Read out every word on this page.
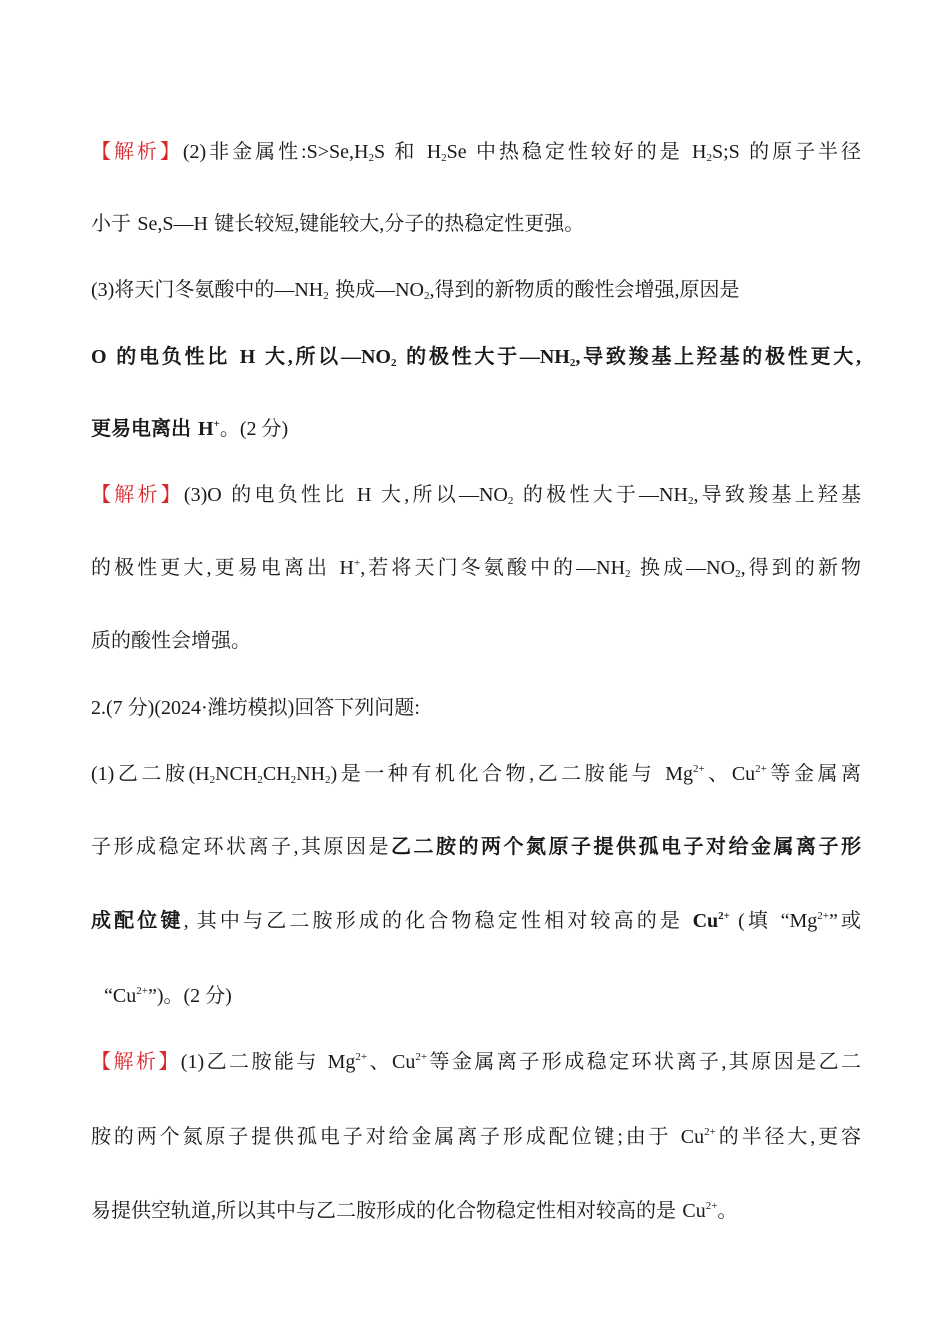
【解析】(2)非金属性$:S>Se,H_2S$ 和 $H_2Se$ 中热稳定性较好的是 $H_2S;S$ 的原子半径
小于 Se,S—H 键长较短,键能较大,分子的热稳定性更强。
(3)将天门冬氨酸中的$—NH_2$ 换成$—NO_2$,得到的新物质的酸性会增强,原因是
O 的电负性比 H 大,所以$—NO_2$ 的极性大于$—NH_2$,导致羧基上羟基的极性更大,
更易电离出 H+。(2 分)
【解析】(3)O 的电负性比 H 大,所以$—NO_2$ 的极性大于$—NH_2$,导致羧基上羟基
的极性更大,更易电离出 H+,若将天门冬氨酸中的$—NH_2$ 换成$—NO_2$,得到的新物
质的酸性会增强。
2.(7 分)(2024·潍坊模拟)回答下列问题:
(1)乙二胺$(H_2NCH_2CH_2NH_2)$是一种有机化合物,乙二胺能与 $Mg^{2+}$、$Cu^{2+}$等金属离
子形成稳定环状离子,其原因是乙二胺的两个氮原子提供孤电子对给金属离子形
成配位键, 其中与乙二胺形成的化合物稳定性相对较高的是 $Cu^{2+}$ (填 “$Mg^{2+}$”或
“$Cu^{2+}$”)。(2 分)
【解析】(1)乙二胺能与 $Mg^{2+}$、$Cu^{2+}$等金属离子形成稳定环状离子,其原因是乙二
胺的两个氮原子提供孤电子对给金属离子形成配位键;由于 $Cu^{2+}$的半径大,更容
易提供空轨道,所以其中与乙二胺形成的化合物稳定性相对较高的是 $Cu^{2+}$。
